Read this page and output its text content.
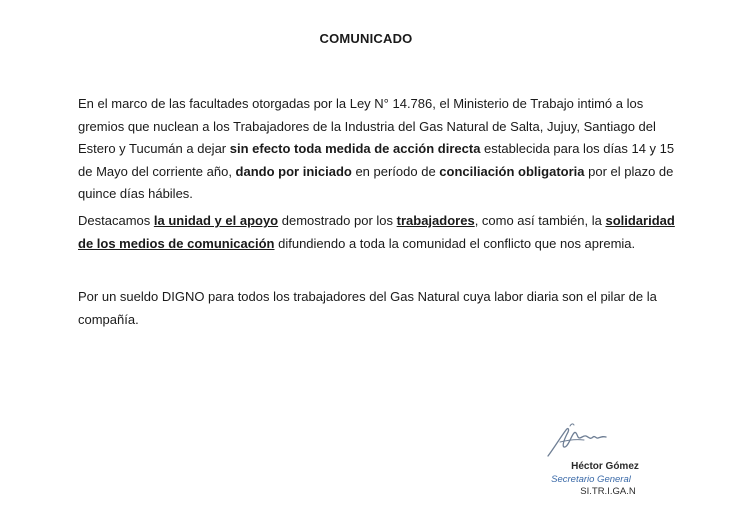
COMUNICADO

En el marco de las facultades otorgadas por la Ley N° 14.786, el Ministerio de Trabajo intimó a los gremios que nuclean a los Trabajadores de la Industria del Gas Natural de Salta, Jujuy, Santiago del Estero y Tucumán a dejar sin efecto toda medida de acción directa establecida para los días 14 y 15 de Mayo del corriente año, dando por iniciado en período de conciliación obligatoria por el plazo de quince días hábiles.

Destacamos la unidad y el apoyo demostrado por los trabajadores, como así también, la solidaridad de los medios de comunicación difundiendo a toda la comunidad el conflicto que nos apremia.

Por un sueldo DIGNO para todos los trabajadores del Gas Natural cuya labor diaria son el pilar de la compañía.

Héctor Gómez
Secretario General
SI.TR.I.GA.N
